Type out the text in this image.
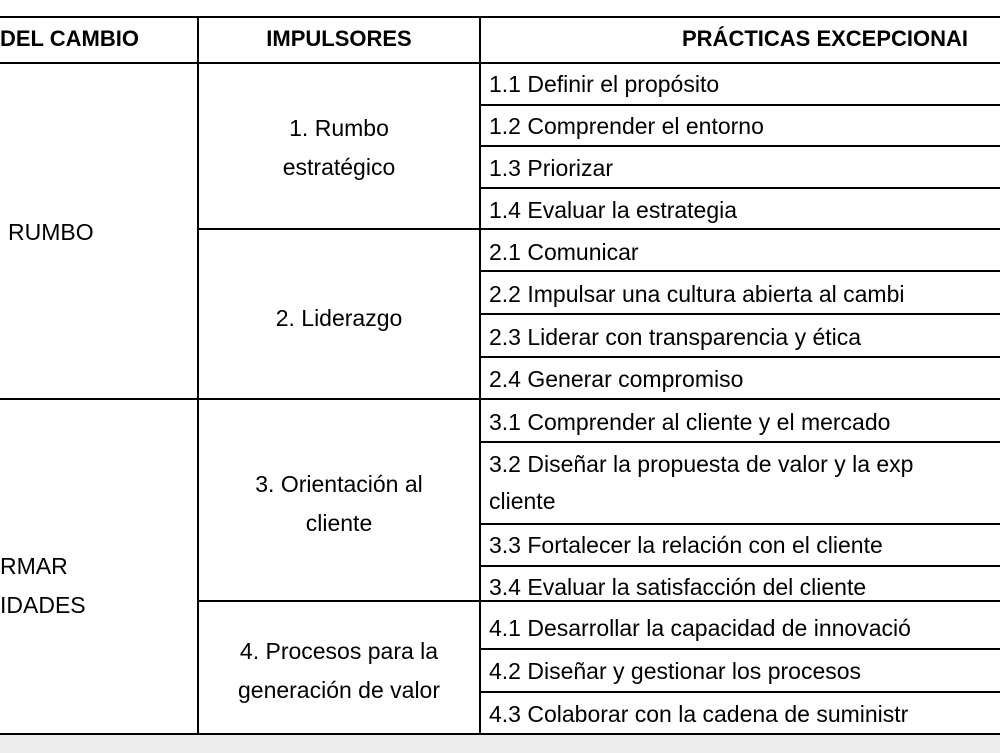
DEL CAMBIO	IMPULSORES	PRÁCTICAS EXCEPCIONAI
RUMBO
RMAR
IDADES
1. Rumbo
estratégico
2. Liderazgo
3. Orientación al
cliente
4. Procesos para la
generación de valor
1.1 Definir el propósito
1.2 Comprender el entorno
1.3 Priorizar
1.4 Evaluar la estrategia
2.1 Comunicar
2.2 Impulsar una cultura abierta al cambi
2.3 Liderar con transparencia y ética
2.4 Generar compromiso
3.1 Comprender al cliente y el mercado
3.2 Diseñar la propuesta de valor y la exp
cliente
3.3 Fortalecer la relación con el cliente
3.4 Evaluar la satisfacción del cliente
4.1 Desarrollar la capacidad de innovació
4.2 Diseñar y gestionar los procesos
4.3 Colaborar con la cadena de suministr
